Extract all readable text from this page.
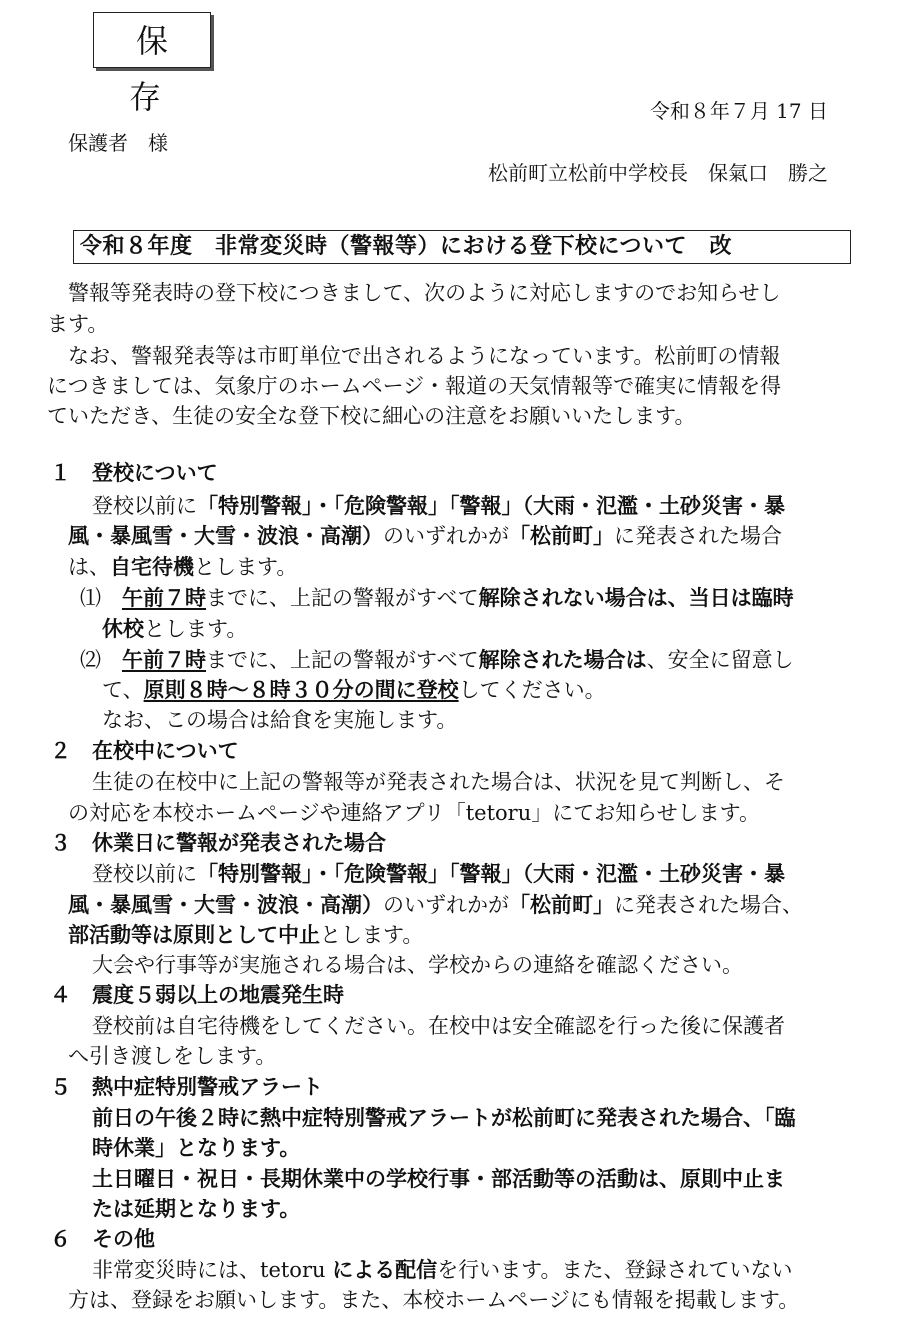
保 存	令和８年７月 17 日
保護者　様
松前町立松前中学校長　保氣口　勝之
令和８年度　非常変災時（警報等）における登下校について　改
警報等発表時の登下校につきまして、次のように対応しますのでお知らせし
ます。
なお、警報発表等は市町単位で出されるようになっています。松前町の情報
につきましては、気象庁のホームページ・報道の天気情報等で確実に情報を得
ていただき、生徒の安全な登下校に細心の注意をお願いいたします。
１　登校について
登校以前に「特別警報」・「危険警報」「警報」（大雨・氾濫・土砂災害・暴
風・暴風雪・大雪・波浪・高潮）のいずれかが「松前町」に発表された場合
は、自宅待機とします。
⑴　 午前７時までに、上記の警報がすべて解除されない場合は、当日は臨時
休校とします。
⑵　 午前７時までに、上記の警報がすべて解除された場合は、安全に留意し
て、原則８時～８時３０分の間に登校してください。
なお、この場合は給食を実施します。
２　在校中について
生徒の在校中に上記の警報等が発表された場合は、状況を見て判断し、そ
の対応を本校ホームページや連絡アプリ「tetoru」にてお知らせします。
３　休業日に警報が発表された場合
登校以前に「特別警報」・「危険警報」「警報」（大雨・氾濫・土砂災害・暴
風・暴風雪・大雪・波浪・高潮）のいずれかが「松前町」に発表された場合、
部活動等は原則として中止とします。
大会や行事等が実施される場合は、学校からの連絡を確認ください。
４　震度５弱以上の地震発生時
登校前は自宅待機をしてください。在校中は安全確認を行った後に保護者
へ引き渡しをします。
５　熱中症特別警戒アラート
前日の午後２時に熱中症特別警戒アラートが松前町に発表された場合、「臨
時休業」となります。
土日曜日・祝日・長期休業中の学校行事・部活動等の活動は、原則中止ま
たは延期となります。
６　その他
非常変災時には、tetoru による配信を行います。また、登録されていない
方は、登録をお願いします。また、本校ホームページにも情報を掲載します。
